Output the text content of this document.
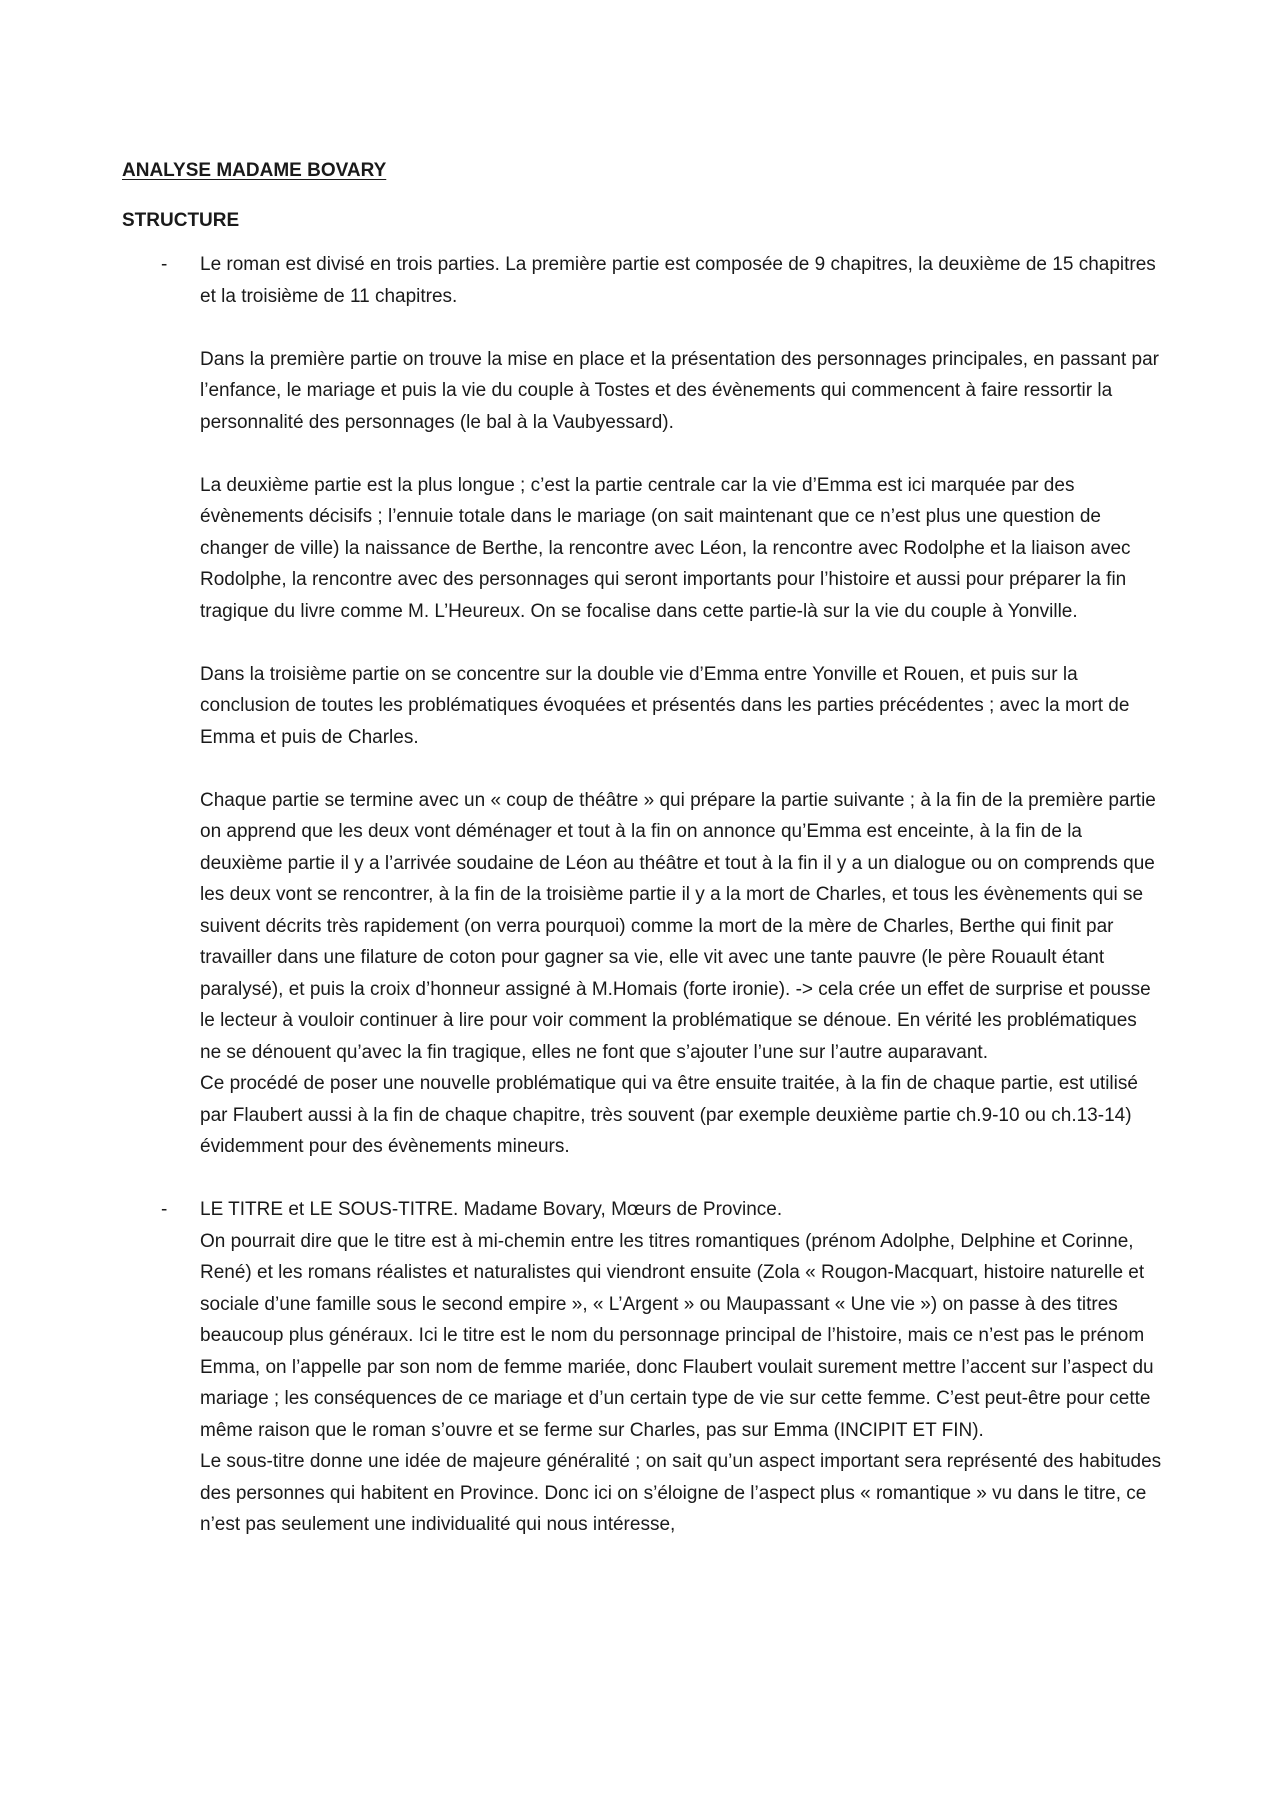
ANALYSE MADAME BOVARY
STRUCTURE
- Le roman est divisé en trois parties. La première partie est composée de 9 chapitres, la deuxième de 15 chapitres et la troisième de 11 chapitres.

Dans la première partie on trouve la mise en place et la présentation des personnages principales, en passant par l’enfance, le mariage et puis la vie du couple à Tostes et des évènements qui commencent à faire ressortir la personnalité des personnages (le bal à la Vaubyessard).

La deuxième partie est la plus longue ; c’est la partie centrale car la vie d’Emma est ici marquée par des évènements décisifs ; l’ennuie totale dans le mariage (on sait maintenant que ce n’est plus une question de changer de ville) la naissance de Berthe, la rencontre avec Léon, la rencontre avec Rodolphe et la liaison avec Rodolphe, la rencontre avec des personnages qui seront importants pour l’histoire et aussi pour préparer la fin tragique du livre comme M. L’Heureux. On se focalise dans cette partie-là sur la vie du couple à Yonville.

Dans la troisième partie on se concentre sur la double vie d’Emma entre Yonville et Rouen, et puis sur la conclusion de toutes les problématiques évoquées et présentés dans les parties précédentes ; avec la mort de Emma et puis de Charles.

Chaque partie se termine avec un « coup de théâtre » qui prépare la partie suivante ; à la fin de la première partie on apprend que les deux vont déménager et tout à la fin on annonce qu’Emma est enceinte, à la fin de la deuxième partie il y a l’arrivée soudaine de Léon au théâtre et tout à la fin il y a un dialogue ou on comprends que les deux vont se rencontrer, à la fin de la troisième partie il y a la mort de Charles, et tous les évènements qui se suivent décrits très rapidement (on verra pourquoi) comme la mort de la mère de Charles, Berthe qui finit par travailler dans une filature de coton pour gagner sa vie, elle vit avec une tante pauvre (le père Rouault étant paralysé), et puis la croix d’honneur assigné à M.Homais (forte ironie). -> cela crée un effet de surprise et pousse le lecteur à vouloir continuer à lire pour voir comment la problématique se dénoue. En vérité les problématiques ne se dénouent qu’avec la fin tragique, elles ne font que s’ajouter l’une sur l’autre auparavant.

Ce procédé de poser une nouvelle problématique qui va être ensuite traitée, à la fin de chaque partie, est utilisé par Flaubert aussi à la fin de chaque chapitre, très souvent (par exemple deuxième partie ch.9-10 ou ch.13-14) évidemment pour des évènements mineurs.

- LE TITRE et LE SOUS-TITRE. Madame Bovary, Mœurs de Province.

On pourrait dire que le titre est à mi-chemin entre les titres romantiques (prénom Adolphe, Delphine et Corinne, René) et les romans réalistes et naturalistes qui viendront ensuite (Zola « Rougon-Macquart, histoire naturelle et sociale d’une famille sous le second empire », « L’Argent » ou Maupassant « Une vie ») on passe à des titres beaucoup plus généraux. Ici le titre est le nom du personnage principal de l’histoire, mais ce n’est pas le prénom Emma, on l’appelle par son nom de femme mariée, donc Flaubert voulait surement mettre l’accent sur l’aspect du mariage ; les conséquences de ce mariage et d’un certain type de vie sur cette femme. C’est peut-être pour cette même raison que le roman s’ouvre et se ferme sur Charles, pas sur Emma (INCIPIT ET FIN).

Le sous-titre donne une idée de majeure généralité ; on sait qu’un aspect important sera représenté des habitudes des personnes qui habitent en Province. Donc ici on s’éloigne de l’aspect plus « romantique » vu dans le titre, ce n’est pas seulement une individualité qui nous intéresse,
